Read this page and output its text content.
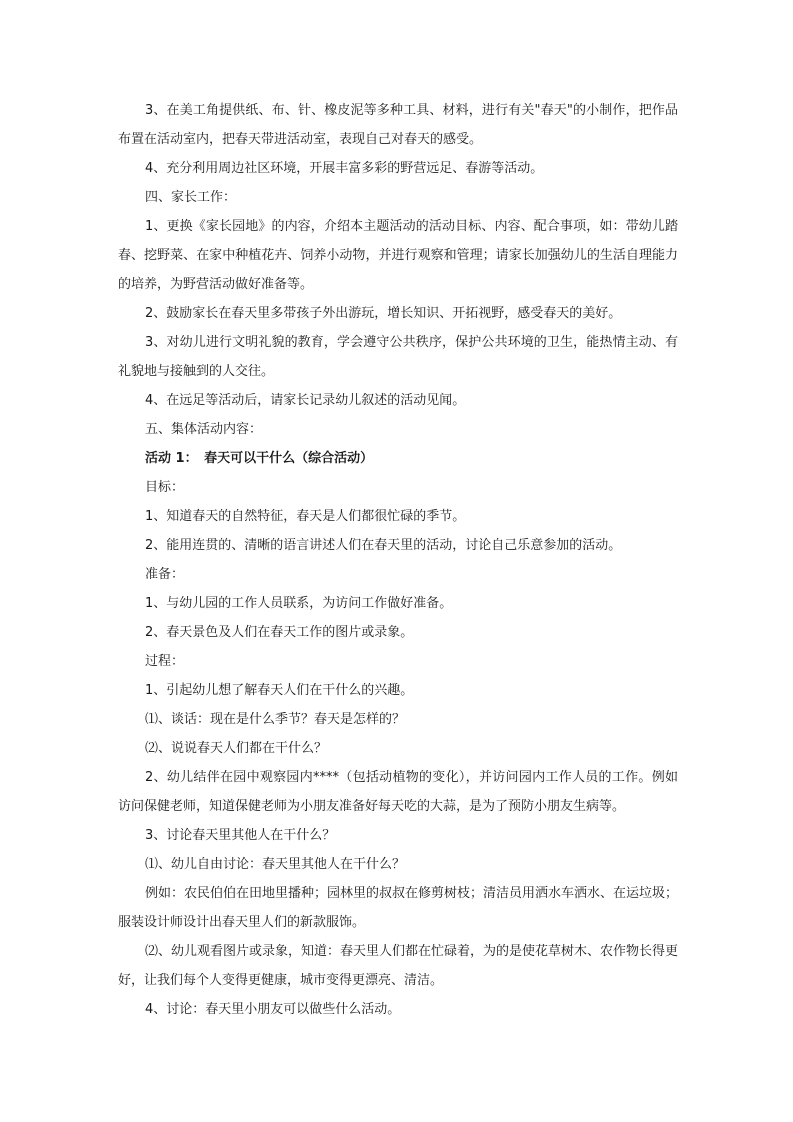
3、在美工角提供纸、布、针、橡皮泥等多种工具、材料，进行有关"春天"的小制作，把作品布置在活动室内，把春天带进活动室，表现自己对春天的感受。

4、充分利用周边社区环境，开展丰富多彩的野营远足、春游等活动。

四、家长工作：

1、更换《家长园地》的内容，介绍本主题活动的活动目标、内容、配合事项，如：带幼儿踏春、挖野菜、在家中种植花卉、饲养小动物，并进行观察和管理；请家长加强幼儿的生活自理能力的培养，为野营活动做好准备等。

2、鼓励家长在春天里多带孩子外出游玩，增长知识、开拓视野，感受春天的美好。

3、对幼儿进行文明礼貌的教育，学会遵守公共秩序，保护公共环境的卫生，能热情主动、有礼貌地与接触到的人交往。

4、在远足等活动后，请家长记录幼儿叙述的活动见闻。

五、集体活动内容：

活动 1：　春天可以干什么（综合活动）

目标：

1、知道春天的自然特征，春天是人们都很忙碌的季节。

2、能用连贯的、清晰的语言讲述人们在春天里的活动，讨论自己乐意参加的活动。

准备：

1、与幼儿园的工作人员联系，为访问工作做好准备。

2、春天景色及人们在春天工作的图片或录象。

过程：

1、引起幼儿想了解春天人们在干什么的兴趣。

⑴、谈话：现在是什么季节？春天是怎样的？

⑵、说说春天人们都在干什么？

2、幼儿结伴在园中观察园内****（包括动植物的变化），并访问园内工作人员的工作。例如访问保健老师，知道保健老师为小朋友准备好每天吃的大蒜，是为了预防小朋友生病等。

3、讨论春天里其他人在干什么？

⑴、幼儿自由讨论：春天里其他人在干什么？

例如：农民伯伯在田地里播种；园林里的叔叔在修剪树枝；清洁员用洒水车洒水、在运垃圾；服装设计师设计出春天里人们的新款服饰。

⑵、幼儿观看图片或录象，知道：春天里人们都在忙碌着，为的是使花草树木、农作物长得更好，让我们每个人变得更健康，城市变得更漂亮、清洁。

4、讨论：春天里小朋友可以做些什么活动。
